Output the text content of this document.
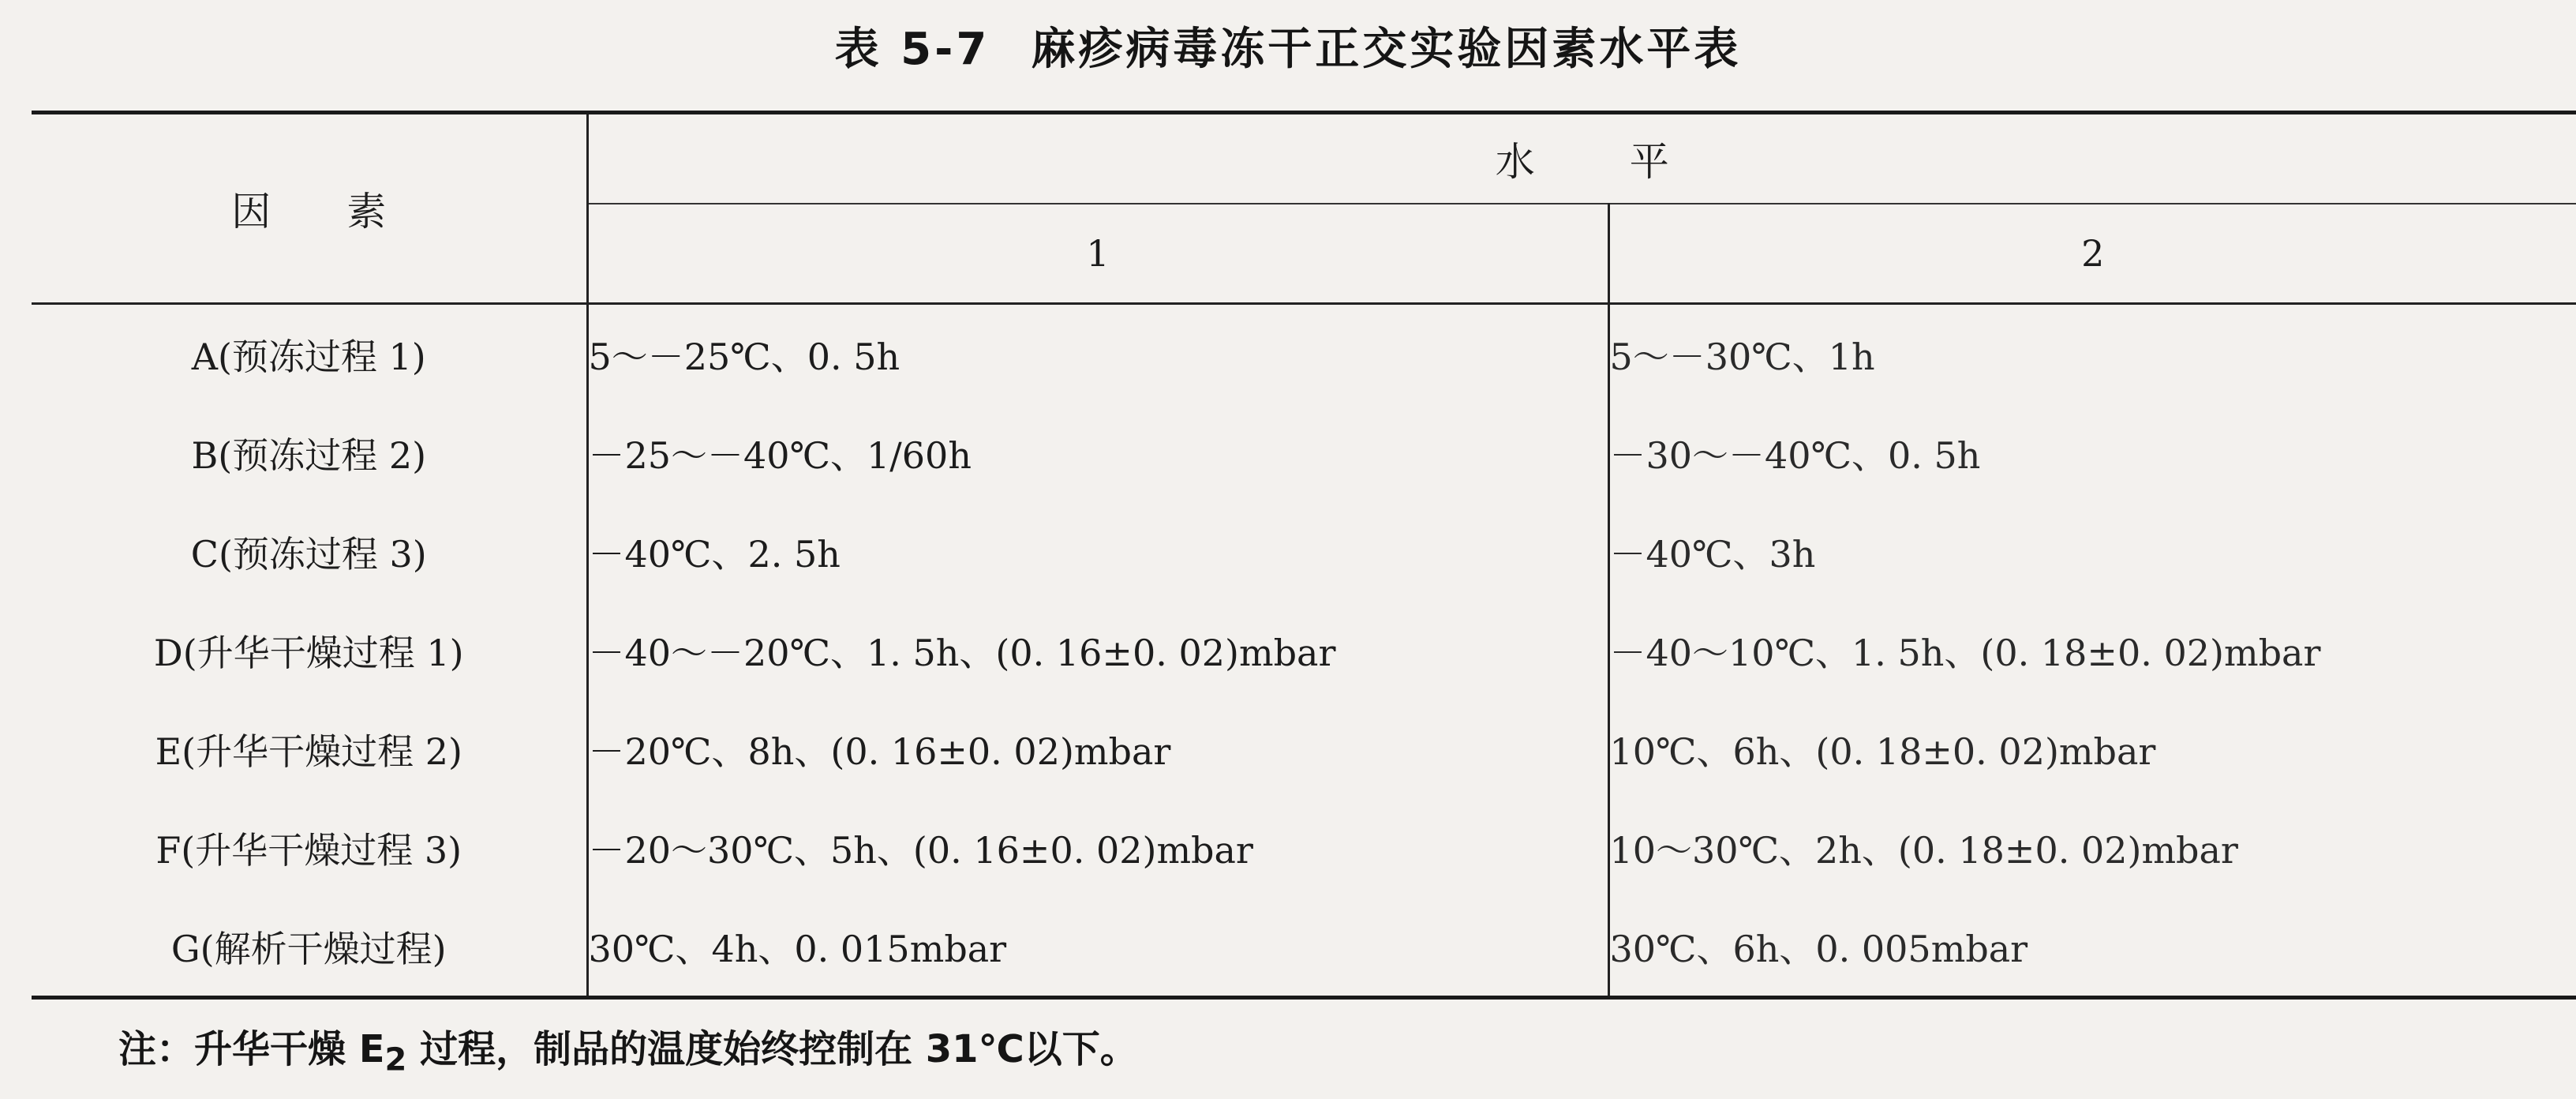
表 5-7 麻疹病毒冻干正交实验因素水平表
因素	水平	
	1	2
A(预冻过程 1)	5～－25℃、0. 5h	5～－30℃、1h
B(预冻过程 2)	－25～－40℃、1/60h	－30～－40℃、0. 5h
C(预冻过程 3)	－40℃、2. 5h	－40℃、3h
D(升华干燥过程 1)	－40～－20℃、1. 5h、(0. 16±0. 02)mbar	－40～10℃、1. 5h、(0. 18±0. 02)mbar
E(升华干燥过程 2)	－20℃、8h、(0. 16±0. 02)mbar	10℃、6h、(0. 18±0. 02)mbar
F(升华干燥过程 3)	－20～30℃、5h、(0. 16±0. 02)mbar	10～30℃、2h、(0. 18±0. 02)mbar
G(解析干燥过程)	30℃、4h、0. 015mbar	30℃、6h、0. 005mbar
注：升华干燥 $E_2$ 过程，制品的温度始终控制在 31℃以下。
